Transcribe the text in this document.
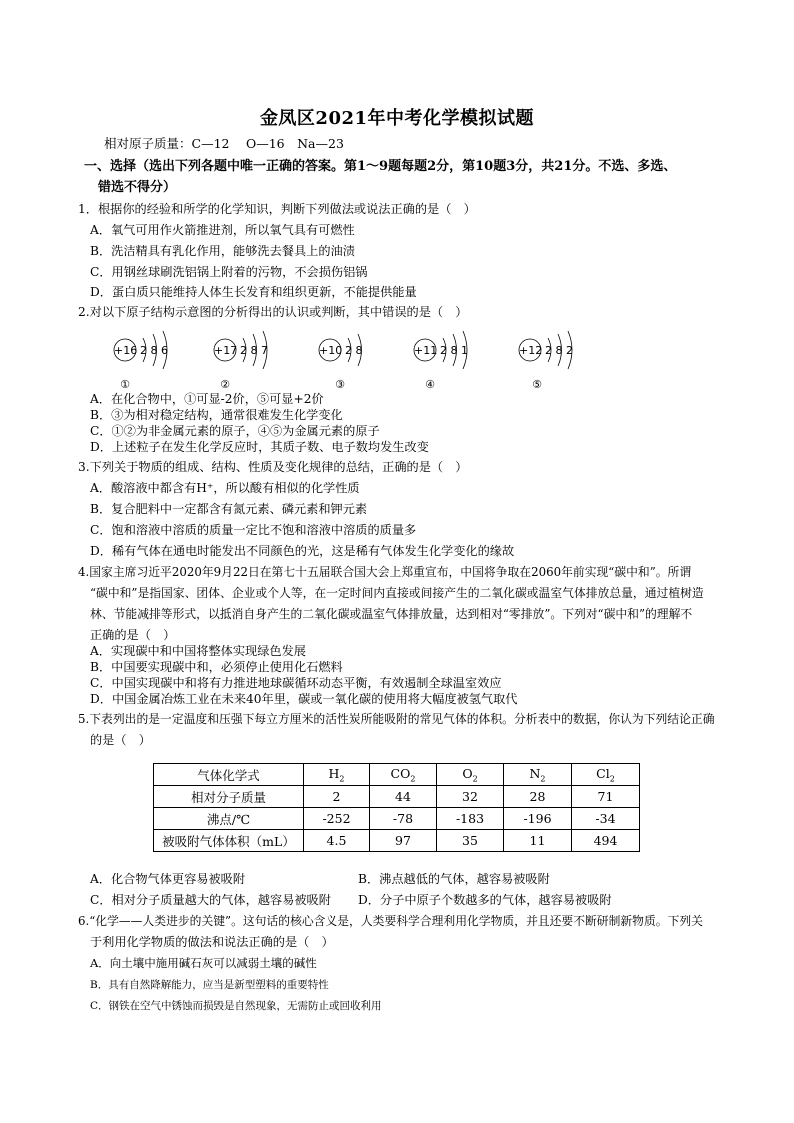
金凤区2021年中考化学模拟试题
相对原子质量：C—12　 O—16　Na—23
一、选择（选出下列各题中唯一正确的答案。第1～9题每题2分，第10题3分，共21分。不选、多选、
错选不得分）
1．根据你的经验和所学的化学知识，判断下列做法或说法正确的是（　）
A．氧气可用作火箭推进剂，所以氧气具有可燃性
B．洗洁精具有乳化作用，能够洗去餐具上的油渍
C．用钢丝球刷洗铝锅上附着的污物，不会损伤铝锅
D．蛋白质只能维持人体生长发育和组织更新，不能提供能量
2.对以下原子结构示意图的分析得出的认识或判断，其中错误的是（　）
+16 2 8 6
①
+17 2 8 7
②
+10 2 8
③
+11 2 8 1
④
+12 2 8 2
⑤
A．在化合物中，①可显-2价，⑤可显+2价
B．③为相对稳定结构，通常很难发生化学变化
C．①②为非金属元素的原子，④⑤为金属元素的原子
D．上述粒子在发生化学反应时，其质子数、电子数均发生改变
3.下列关于物质的组成、结构、性质及变化规律的总结，正确的是（　）
A．酸溶液中都含有H⁺，所以酸有相似的化学性质
B．复合肥料中一定都含有氮元素、磷元素和钾元素
C．饱和溶液中溶质的质量一定比不饱和溶液中溶质的质量多
D．稀有气体在通电时能发出不同颜色的光，这是稀有气体发生化学变化的缘故
4.国家主席习近平2020年9月22日在第七十五届联合国大会上郑重宣布，中国将争取在2060年前实现“碳中和”。所谓
“碳中和”是指国家、团体、企业或个人等，在一定时间内直接或间接产生的二氧化碳或温室气体排放总量，通过植树造
林、节能减排等形式，以抵消自身产生的二氧化碳或温室气体排放量，达到相对“零排放”。下列对“碳中和”的理解不
正确的是（　）
A．实现碳中和中国将整体实现绿色发展
B．中国要实现碳中和，必须停止使用化石燃料
C．中国实现碳中和将有力推进地球碳循环动态平衡，有效遏制全球温室效应
D．中国金属冶炼工业在未来40年里，碳或一氧化碳的使用将大幅度被氢气取代
5.下表列出的是一定温度和压强下每立方厘米的活性炭所能吸附的常见气体的体积。分析表中的数据，你认为下列结论正确
的是（　）
气体化学式	$H_2$	$CO_2$	$O_2$	$N_2$	$Cl_2$
相对分子质量	2	44	32	28	71
沸点/℃	-252	-78	-183	-196	-34
被吸附气体体积（mL）	4.5	97	35	11	494
A．化合物气体更容易被吸附	B．沸点越低的气体，越容易被吸附
C．相对分子质量越大的气体，越容易被吸附 D．分子中原子个数越多的气体，越容易被吸附
6.“化学——人类进步的关键”。这句话的核心含义是，人类要科学合理利用化学物质，并且还要不断研制新物质。下列关
于利用化学物质的做法和说法正确的是（　）
A．向土壤中施用碱石灰可以减弱土壤的碱性
B．具有自然降解能力，应当是新型塑料的重要特性
C．钢铁在空气中锈蚀而损毁是自然现象，无需防止或回收利用
